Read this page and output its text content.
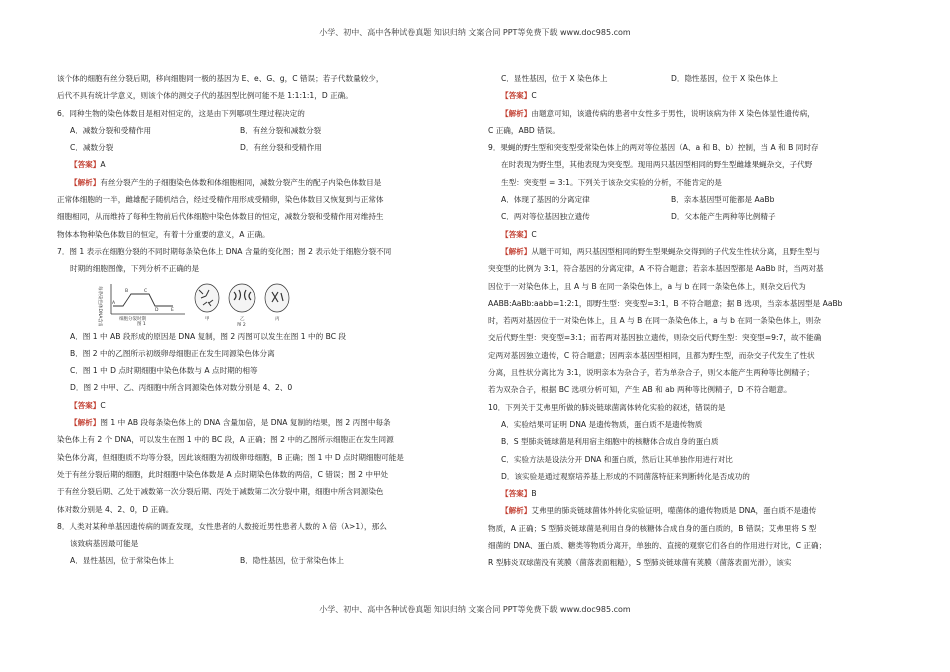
小学、初中、高中各种试卷真题 知识归纳 文案合同 PPT等免费下载 www.doc985.com

该个体的细胞有丝分裂后期，移向细胞同一极的基因为 E、e、G、g，C 错误；若子代数量较少，

后代不具有统计学意义，则该个体的测交子代的基因型比例可能不是 1:1:1:1，D 正确。

6．同种生物的染色体数目是相对恒定的，这是由下列哪项生理过程决定的

A．减数分裂和受精作用	B．有丝分裂和减数分裂
C．减数分裂	D．有丝分裂和受精作用

【答案】A

【解析】有丝分裂产生的子细胞染色体数和体细胞相同，减数分裂产生的配子内染色体数目是

正常体细胞的一半，雌雄配子随机结合，经过受精作用形成受精卵，染色体数目又恢复到与正常体

细胞相同，从而维持了每种生物前后代体细胞中染色体数目的恒定，减数分裂和受精作用对维持生

物体本物种染色体数目的恒定，有着十分重要的意义，A 正确。

7．图 1 表示在细胞分裂的不同时期每条染色体上 DNA 含量的变化图；图 2 表示处于细胞分裂不同

时期的细胞图像，下列分析不正确的是

每条染色体DNA含量	A
B	C
D	E
细胞分裂时期
图 1
甲	乙	丙
图 2

A．图 1 中 AB 段形成的原因是 DNA 复制，图 2 丙图可以发生在图 1 中的 BC 段

B．图 2 中的乙图所示初级卵母细胞正在发生同源染色体分离

C．图 1 中 D 点时期细胞中染色体数与 A 点时期的相等

D．图 2 中甲、乙、丙细胞中所含同源染色体对数分别是 4、2、0

【答案】C

【解析】图 1 中 AB 段每条染色体上的 DNA 含量加倍，是 DNA 复制的结果，图 2 丙图中每条

染色体上有 2 个 DNA，可以发生在图 1 中的 BC 段，A 正确；图 2 中的乙图所示细胞正在发生同源

染色体分离，但细胞质不均等分裂，因此该细胞为初级卵母细胞，B 正确；图 1 中 D 点时期细胞可能是

处于有丝分裂后期的细胞，此时细胞中染色体数是 A 点时期染色体数的两倍，C 错误；图 2 中甲处

于有丝分裂后期、乙处于减数第一次分裂后期、丙处于减数第二次分裂中期，细胞中所含同源染色

体对数分别是 4、2、0，D 正确。

8．人类对某种单基因遗传病的调查发现，女性患者的人数接近男性患者人数的 λ 倍（λ>1），那么

该致病基因最可能是

A．显性基因，位于常染色体上	B．隐性基因，位于常染色体上
C．显性基因，位于 X 染色体上	D．隐性基因，位于 X 染色体上

【答案】C

【解析】由题意可知，该遗传病的患者中女性多于男性，说明该病为伴 X 染色体显性遗传病，

C 正确，ABD 错误。

9．果蝇的野生型和突变型受常染色体上的两对等位基因（A、a 和 B、b）控制，当 A 和 B 同时存

在时表现为野生型，其他表现为突变型。现用两只基因型相同的野生型雌雄果蝇杂交，子代野

生型：突变型 = 3:1。下列关于该杂交实验的分析，不能肯定的是

A．体现了基因的分离定律	B．亲本基因型可能都是 AaBb
C．两对等位基因独立遗传	D．父本能产生两种等比例精子

【答案】C

【解析】从题干可知，两只基因型相同的野生型果蝇杂交得到的子代发生性状分离，且野生型与

突变型的比例为 3:1，符合基因的分离定律，A 不符合题意；若亲本基因型都是 AaBb 时，当两对基

因位于一对染色体上，且 A 与 B 在同一条染色体上，a 与 b 在同一条染色体上，则杂交后代为

AABB:AaBb:aabb=1:2:1，即野生型：突变型=3:1，B 不符合题意；据 B 选项，当亲本基因型是 AaBb

时，若两对基因位于一对染色体上，且 A 与 B 在同一条染色体上，a 与 b 在同一条染色体上，则杂

交后代野生型：突变型=3:1；而若两对基因独立遗传，则杂交后代野生型：突变型=9:7，故不能确

定两对基因独立遗传，C 符合题意；因两亲本基因型相同，且都为野生型，而杂交子代发生了性状

分离，且性状分离比为 3:1，说明亲本为杂合子，若为单杂合子，则父本能产生两种等比例精子；

若为双杂合子，根据 BC 选项分析可知，产生 AB 和 ab 两种等比例精子，D 不符合题意。

10．下列关于艾弗里所做的肺炎链球菌离体转化实验的叙述，错误的是

A．实验结果可证明 DNA 是遗传物质，蛋白质不是遗传物质

B．S 型肺炎链球菌是利用宿主细胞中的核糖体合成自身的蛋白质

C．实验方法是设法分开 DNA 和蛋白质，然后让其单独作用进行对比

D．该实验是通过观察培养基上形成的不同菌落特征来判断转化是否成功的

【答案】B

【解析】艾弗里的肺炎链球菌体外转化实验证明，噬菌体的遗传物质是 DNA，蛋白质不是遗传

物质，A 正确；S 型肺炎链球菌是利用自身的核糖体合成自身的蛋白质的，B 错误；艾弗里将 S 型

细菌的 DNA、蛋白质、糖类等物质分离开，单独的、直接的观察它们各自的作用进行对比，C 正确；

R 型肺炎双球菌没有荚膜（菌落表面粗糙），S 型肺炎链球菌有荚膜（菌落表面光滑），该实

小学、初中、高中各种试卷真题 知识归纳 文案合同 PPT等免费下载 www.doc985.com
